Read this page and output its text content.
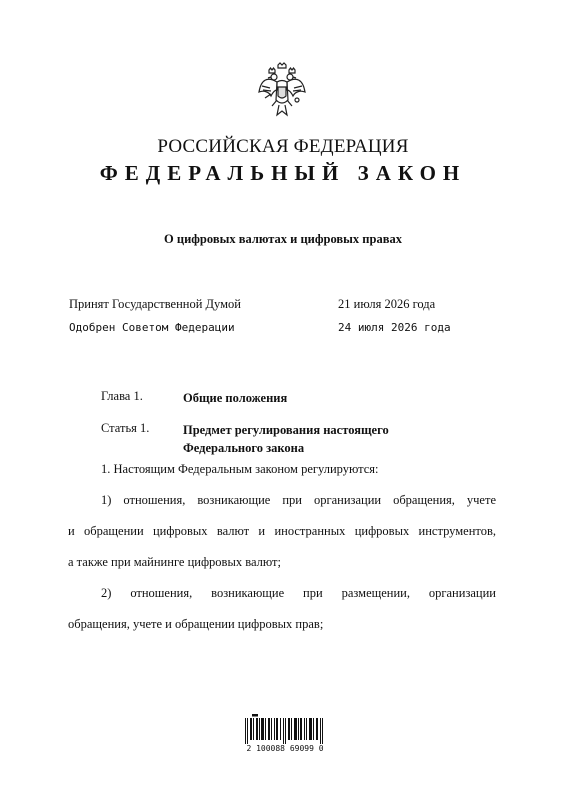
РОССИЙСКАЯ ФЕДЕРАЦИЯ
ФЕДЕРАЛЬНЫЙ ЗАКОН
О цифровых валютах и цифровых правах
Принят Государственной Думой	21 июля 2026 года
Одобрен Советом Федерации	24 июля 2026 года
Глава 1.	Общие положения
Статья 1.	Предмет регулирования настоящего
Федерального закона
1. Настоящим Федеральным законом регулируются:
1) отношения, возникающие при организации обращения, учете
и обращении цифровых валют и иностранных цифровых инструментов,
а также при майнинге цифровых валют;
2) отношения, возникающие при размещении, организации
обращения, учете и обращении цифровых прав;
2 100088 69099 0
